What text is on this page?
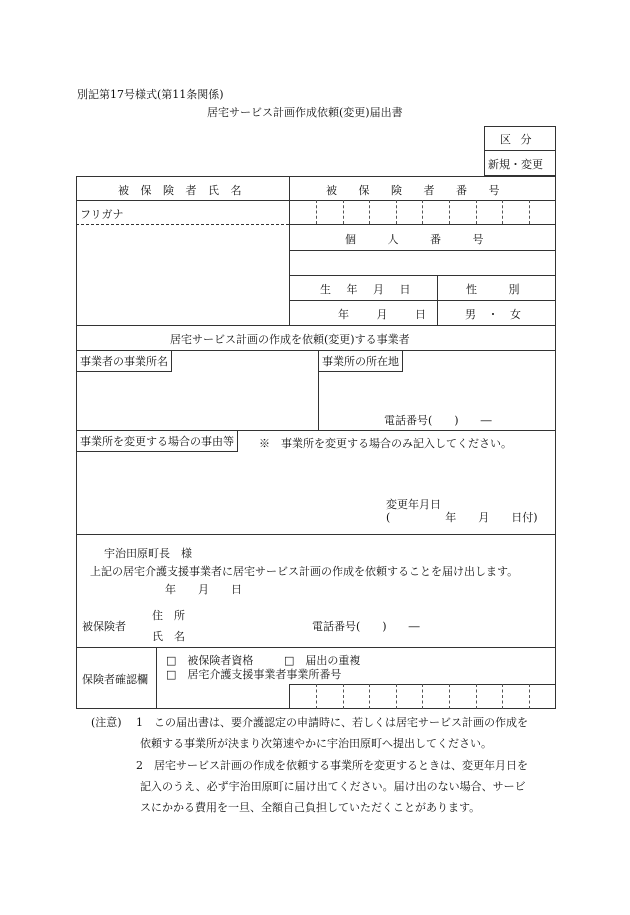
別記第17号様式(第11条関係)
居宅サービス計画作成依頼(変更)届出書
区 分
新規・変更
被 保 険 者 氏 名	被 保 険 者 番 号
フリガナ
個 人 番 号
生 年 月 日	性 別
年 月 日 男 ・ 女
居宅サービス計画の作成を依頼(変更)する事業者
事業者の事業所名	事業所の所在地
電話番号(　　)　　―
事業所を変更する場合の事由等	※　事業所を変更する場合のみ記入してください。
変更年月日
(　　　　　年　　月　　日付)
宇治田原町長　様
上記の居宅介護支援事業者に居宅サービス計画の作成を依頼することを届け出します。
年　　月　　日
被保険者
住　所
氏　名
電話番号(　　)　　―
保険者確認欄
□　被保険者資格	□　届出の重複
□　居宅介護支援事業者事業所番号
(注意) 1 この届出書は、要介護認定の申請時に、若しくは居宅サービス計画の作成を
依頼する事業所が決まり次第速やかに宇治田原町へ提出してください。
2 居宅サービス計画の作成を依頼する事業所を変更するときは、変更年月日を
記入のうえ、必ず宇治田原町に届け出てください。届け出のない場合、サービ
スにかかる費用を一旦、全額自己負担していただくことがあります。
